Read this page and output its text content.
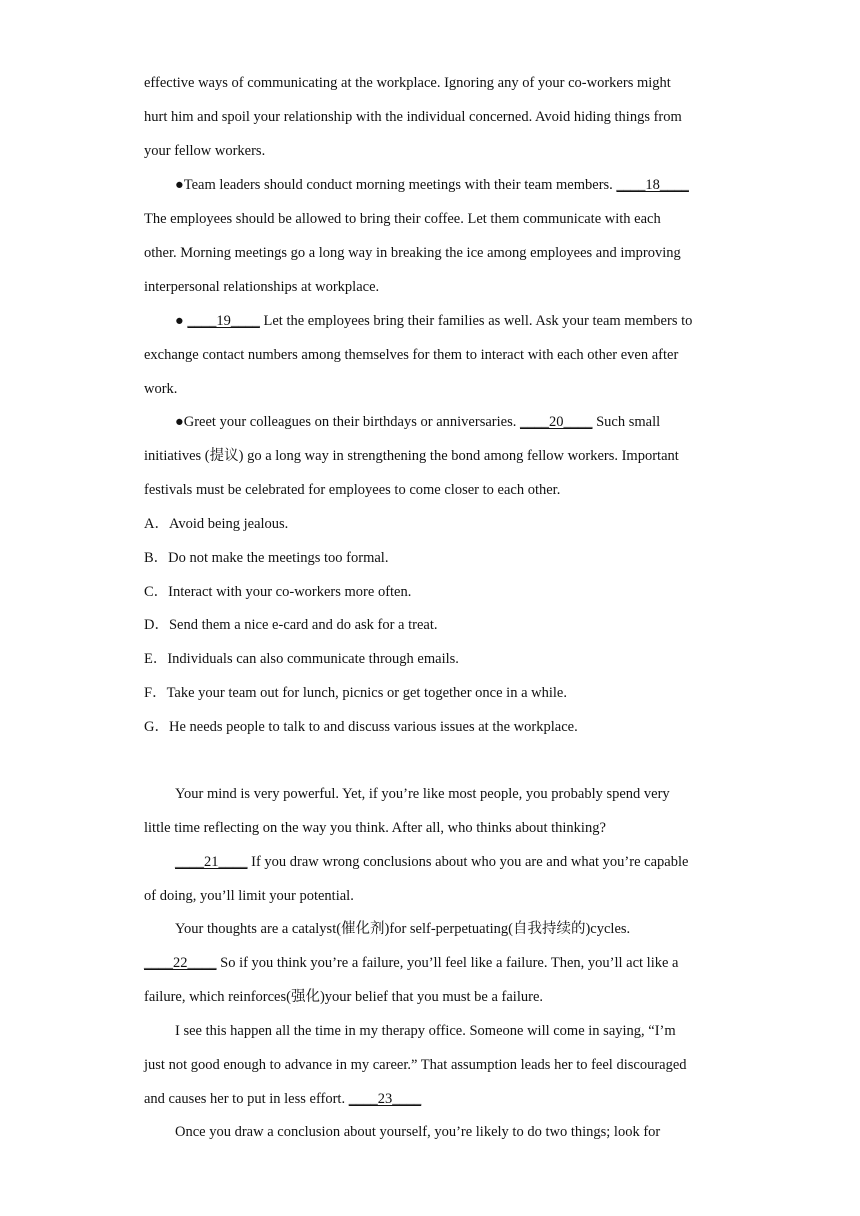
effective ways of communicating at the workplace. Ignoring any of your co-workers might
hurt him and spoil your relationship with the individual concerned. Avoid hiding things from
your fellow workers.
●Team leaders should conduct morning meetings with their team members. ____18____
The employees should be allowed to bring their coffee. Let them communicate with each
other. Morning meetings go a long way in breaking the ice among employees and improving
interpersonal relationships at workplace.
● ____19____ Let the employees bring their families as well. Ask your team members to
exchange contact numbers among themselves for them to interact with each other even after
work.
●Greet your colleagues on their birthdays or anniversaries. ____20____ Such small
initiatives (提议) go a long way in strengthening the bond among fellow workers. Important
festivals must be celebrated for employees to come closer to each other.
A．Avoid being jealous.
B．Do not make the meetings too formal.
C．Interact with your co-workers more often.
D．Send them a nice e-card and do ask for a treat.
E．Individuals can also communicate through emails.
F．Take your team out for lunch, picnics or get together once in a while.
G．He needs people to talk to and discuss various issues at the workplace.
Your mind is very powerful. Yet, if you’re like most people, you probably spend very
little time reflecting on the way you think. After all, who thinks about thinking?
____21____ If you draw wrong conclusions about who you are and what you’re capable
of doing, you’ll limit your potential.
Your thoughts are a catalyst(催化剂)for self-perpetuating(自我持续的)cycles.
____22____ So if you think you’re a failure, you’ll feel like a failure. Then, you’ll act like a
failure, which reinforces(强化)your belief that you must be a failure.
I see this happen all the time in my therapy office. Someone will come in saying, “I’m
just not good enough to advance in my career.” That assumption leads her to feel discouraged
and causes her to put in less effort. ____23____
Once you draw a conclusion about yourself, you’re likely to do two things; look for
